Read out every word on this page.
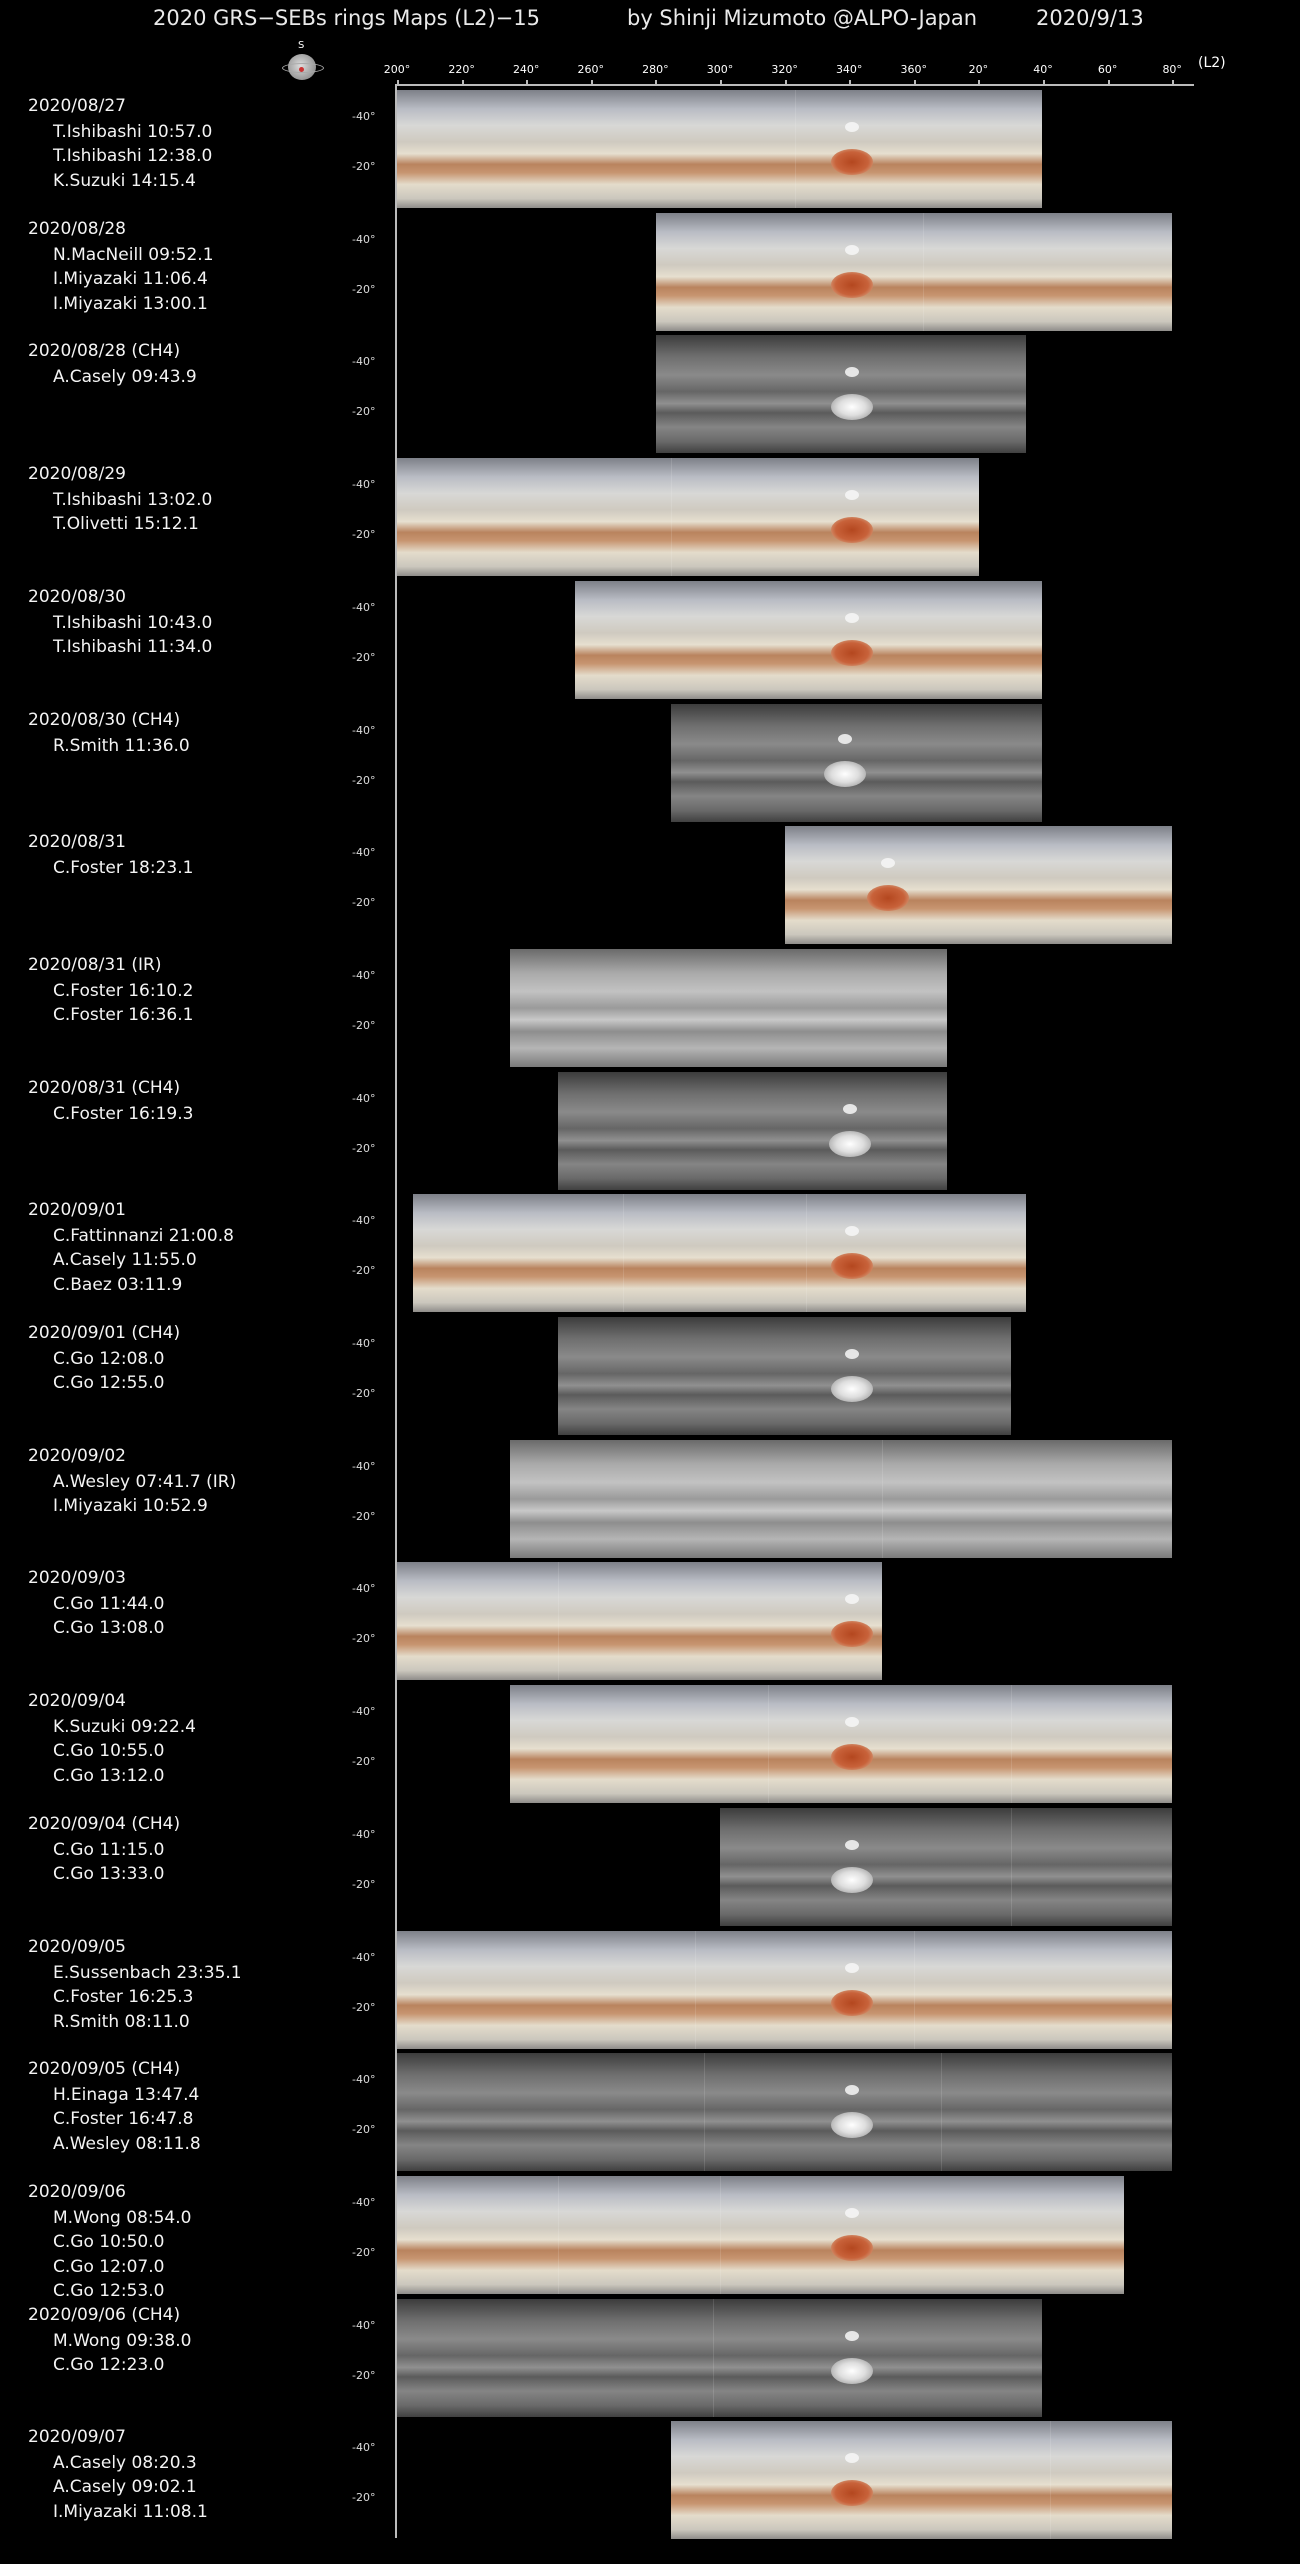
2020 GRS−SEBs rings Maps (L2)−15

	by Shinji Mizumoto @ALPO-Japan

	2020/9/13

S
200°	220°	240°	260°	280°	300°	320°	340°	360°	20°	40°	60°	80° (L2)
2020/08/27
T.Ishibashi 10:57.0
T.Ishibashi 12:38.0
K.Suzuki 14:15.4
-40°
-20°
2020/08/28
N.MacNeill 09:52.1
I.Miyazaki 11:06.4
I.Miyazaki 13:00.1
-40°
-20°
2020/08/28 (CH4)
A.Casely 09:43.9
-40°
-20°
2020/08/29
T.Ishibashi 13:02.0
T.Olivetti 15:12.1
-40°
-20°
2020/08/30
T.Ishibashi 10:43.0
T.Ishibashi 11:34.0
-40°
-20°
2020/08/30 (CH4)
R.Smith 11:36.0
-40°
-20°
2020/08/31
C.Foster 18:23.1
-40°
-20°
2020/08/31 (IR)
C.Foster 16:10.2
C.Foster 16:36.1
-40°
-20°
2020/08/31 (CH4)
C.Foster 16:19.3
-40°
-20°
2020/09/01
C.Fattinnanzi 21:00.8
A.Casely 11:55.0
C.Baez 03:11.9
-40°
-20°
2020/09/01 (CH4)
C.Go 12:08.0
C.Go 12:55.0
-40°
-20°
2020/09/02
A.Wesley 07:41.7 (IR)
I.Miyazaki 10:52.9
-40°
-20°
2020/09/03
C.Go 11:44.0
C.Go 13:08.0
-40°
-20°
2020/09/04
K.Suzuki 09:22.4
C.Go 10:55.0
C.Go 13:12.0
-40°
-20°
2020/09/04 (CH4)
C.Go 11:15.0
C.Go 13:33.0
-40°
-20°
2020/09/05
E.Sussenbach 23:35.1
C.Foster 16:25.3
R.Smith 08:11.0
-40°
-20°
2020/09/05 (CH4)
H.Einaga 13:47.4
C.Foster 16:47.8
A.Wesley 08:11.8
-40°
-20°
2020/09/06
M.Wong 08:54.0
C.Go 10:50.0
C.Go 12:07.0
C.Go 12:53.0
-40°
-20°
2020/09/06 (CH4)
M.Wong 09:38.0
C.Go 12:23.0
-40°
-20°
2020/09/07
A.Casely 08:20.3
A.Casely 09:02.1
I.Miyazaki 11:08.1
-40°
-20°
